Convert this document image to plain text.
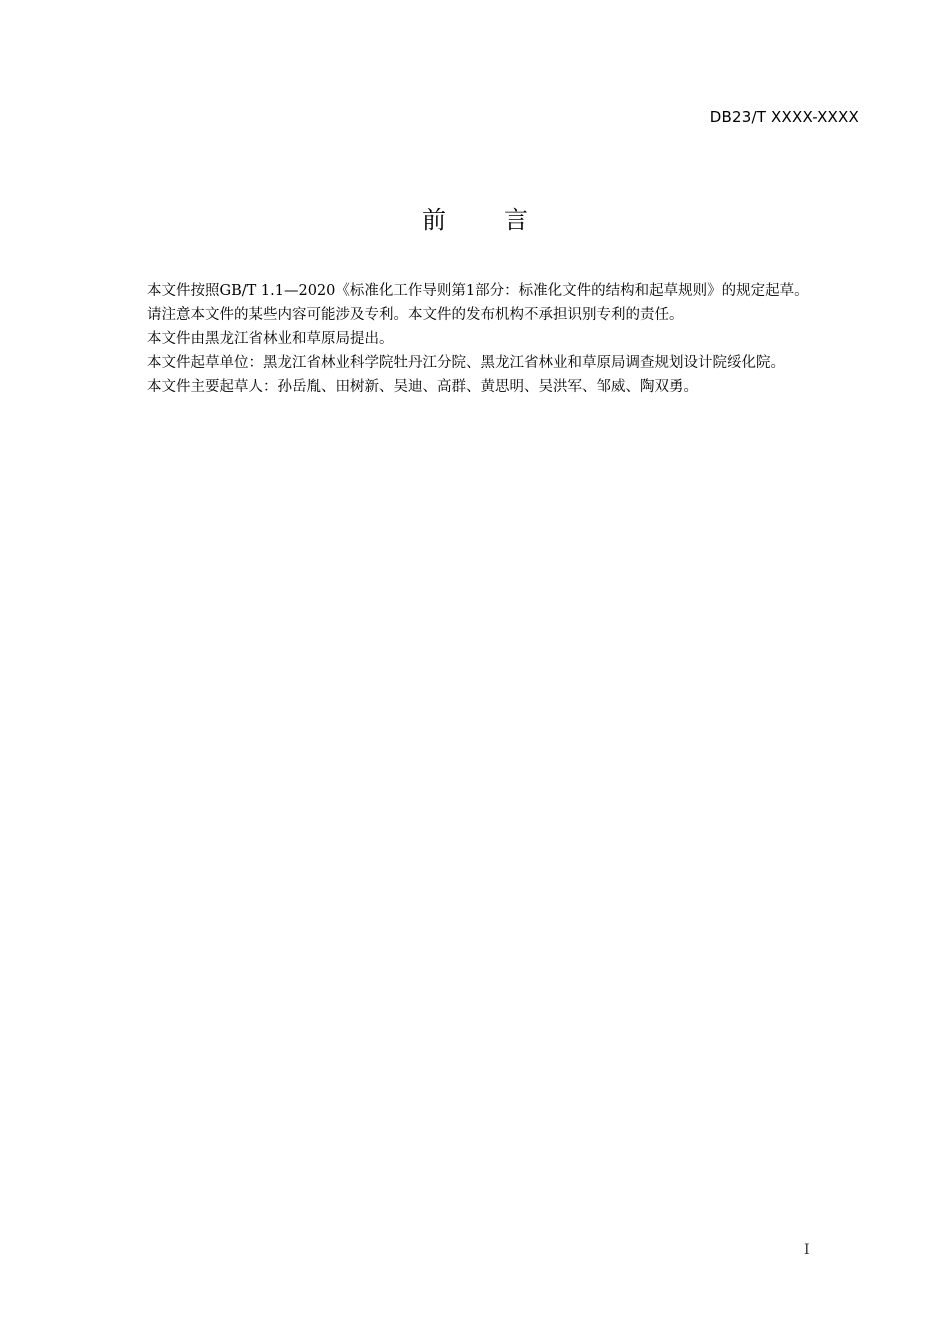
DB23/T XXXX-XXXX
前言

本文件按照GB/T 1.1—2020《标准化工作导则第1部分：标准化文件的结构和起草规则》的规定起草。

请注意本文件的某些内容可能涉及专利。本文件的发布机构不承担识别专利的责任。

本文件由黑龙江省林业和草原局提出。

本文件起草单位：黑龙江省林业科学院牡丹江分院、黑龙江省林业和草原局调查规划设计院绥化院。

本文件主要起草人：孙岳胤、田树新、吴迪、高群、黄思明、吴洪军、邹威、陶双勇。

I
